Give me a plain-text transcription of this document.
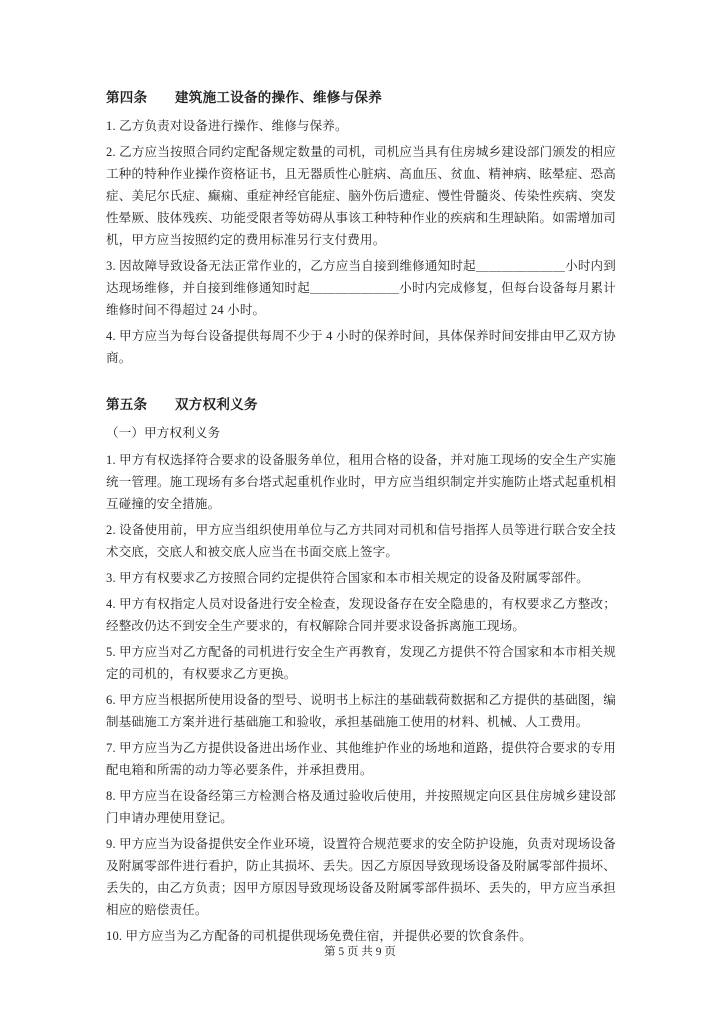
第四条　　建筑施工设备的操作、维修与保养

1. 乙方负责对设备进行操作、维修与保养。

2. 乙方应当按照合同约定配备规定数量的司机，司机应当具有住房城乡建设部门颁发的相应工种的特种作业操作资格证书，且无器质性心脏病、高血压、贫血、精神病、眩晕症、恐高症、美尼尔氏症、癫痫、重症神经官能症、脑外伤后遗症、慢性骨髓炎、传染性疾病、突发性晕厥、肢体残疾、功能受限者等妨碍从事该工种特种作业的疾病和生理缺陷。如需增加司机，甲方应当按照约定的费用标准另行支付费用。

3. 因故障导致设备无法正常作业的，乙方应当自接到维修通知时起＿＿＿＿＿＿＿小时内到达现场维修，并自接到维修通知时起＿＿＿＿＿＿＿小时内完成修复，但每台设备每月累计维修时间不得超过 24 小时。

4. 甲方应当为每台设备提供每周不少于 4 小时的保养时间，具体保养时间安排由甲乙双方协商。

第五条　　双方权利义务

（一）甲方权利义务

1. 甲方有权选择符合要求的设备服务单位，租用合格的设备，并对施工现场的安全生产实施统一管理。施工现场有多台塔式起重机作业时，甲方应当组织制定并实施防止塔式起重机相互碰撞的安全措施。

2. 设备使用前，甲方应当组织使用单位与乙方共同对司机和信号指挥人员等进行联合安全技术交底，交底人和被交底人应当在书面交底上签字。

3. 甲方有权要求乙方按照合同约定提供符合国家和本市相关规定的设备及附属零部件。

4. 甲方有权指定人员对设备进行安全检查，发现设备存在安全隐患的，有权要求乙方整改；经整改仍达不到安全生产要求的，有权解除合同并要求设备拆离施工现场。

5. 甲方应当对乙方配备的司机进行安全生产再教育，发现乙方提供不符合国家和本市相关规定的司机的，有权要求乙方更换。

6. 甲方应当根据所使用设备的型号、说明书上标注的基础载荷数据和乙方提供的基础图，编制基础施工方案并进行基础施工和验收，承担基础施工使用的材料、机械、人工费用。

7. 甲方应当为乙方提供设备进出场作业、其他维护作业的场地和道路，提供符合要求的专用配电箱和所需的动力等必要条件，并承担费用。

8. 甲方应当在设备经第三方检测合格及通过验收后使用，并按照规定向区县住房城乡建设部门申请办理使用登记。

9. 甲方应当为设备提供安全作业环境，设置符合规范要求的安全防护设施，负责对现场设备及附属零部件进行看护，防止其损坏、丢失。因乙方原因导致现场设备及附属零部件损坏、丢失的，由乙方负责；因甲方原因导致现场设备及附属零部件损坏、丢失的，甲方应当承担相应的赔偿责任。

10. 甲方应当为乙方配备的司机提供现场免费住宿，并提供必要的饮食条件。

第 5 页 共 9 页
